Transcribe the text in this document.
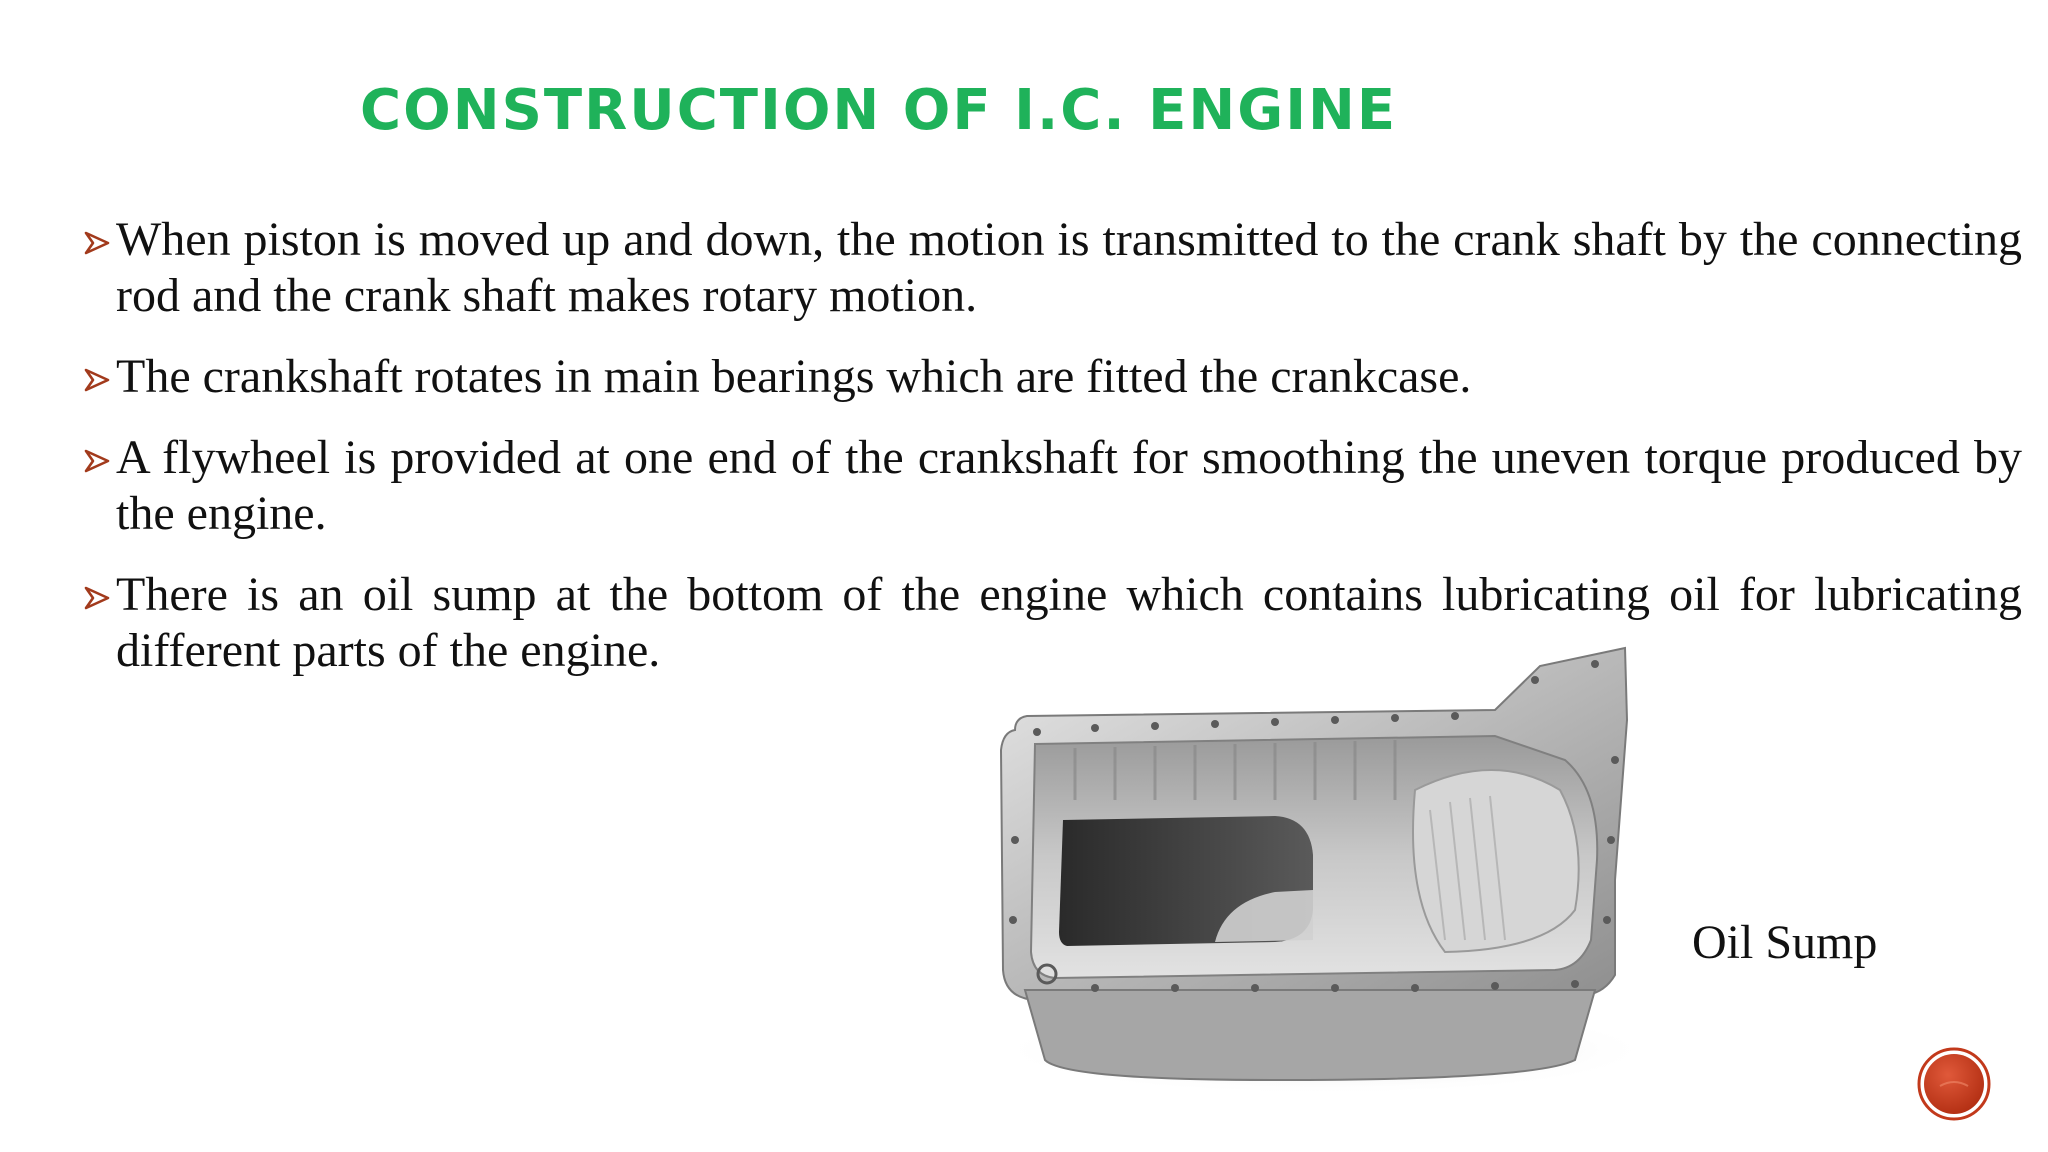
CONSTRUCTION OF I.C. ENGINE
When piston is moved up and down, the motion is transmitted to the crank shaft by the connecting rod and the crank shaft makes rotary motion.
The crankshaft rotates in main bearings which are fitted the crankcase.
A flywheel is provided at one end of the crankshaft for smoothing the uneven torque produced by the engine.
There is an oil sump at the bottom of the engine which contains lubricating oil for lubricating different parts of the engine.
Oil Sump
